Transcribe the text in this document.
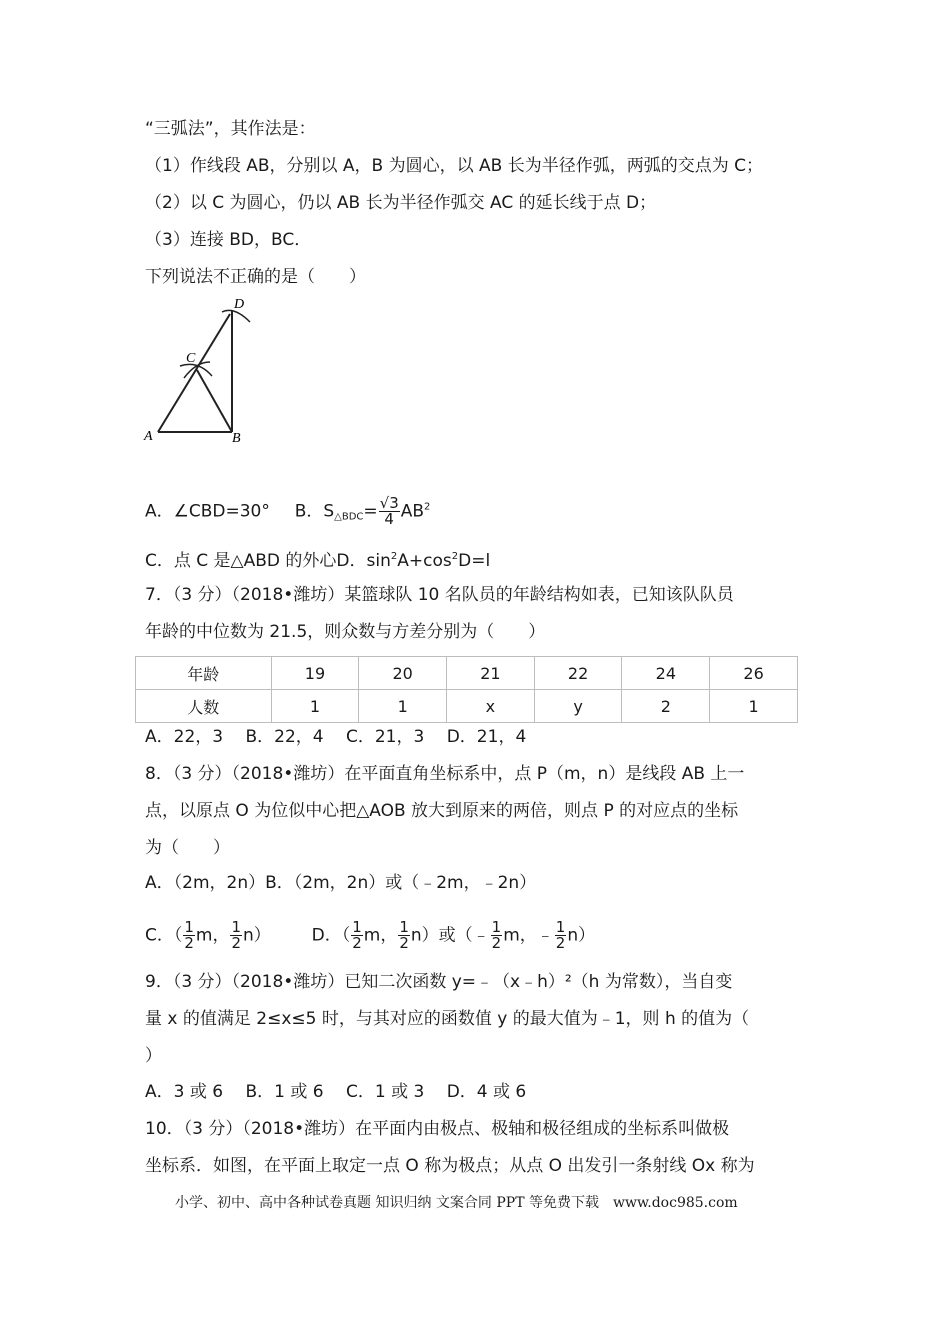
“三弧法”，其作法是：
（1）作线段 AB，分别以 A，B 为圆心，以 AB 长为半径作弧，两弧的交点为 C；
（2）以 C 为圆心，仍以 AB 长为半径作弧交 AC 的延长线于点 D；
（3）连接 BD，BC．
下列说法不正确的是（　　）
A	B
C
D
A．∠CBD=30° B．$S_{\triangle BDC}= \frac{√3}{4} AB^2$
C．点 C 是△ABD 的外心D．$\sin^2A+\cos^2D=l$
7．（3 分）（2018•潍坊）某篮球队 10 名队员的年龄结构如表，已知该队队员
年龄的中位数为 21.5，则众数与方差分别为（　　）
年龄	19	20	21	22	24	26
人数	1	1	x	y	2	1
A．22，3　 B．22，4　 C．21，3　 D．21，4
8．（3 分）（2018•潍坊）在平面直角坐标系中，点 P（m，n）是线段 AB 上一
点，以原点 O 为位似中心把△AOB 放大到原来的两倍，则点 P 的对应点的坐标
为（　　）
A．（2m，2n）B．（2m，2n）或（﹣2m，﹣2n）
C．（ $\frac{1}{2}$ m， $\frac{1}{2} n$） D．（ $\frac{1}{2}$ m， $\frac{1}{2} n$）或（﹣ $\frac{1}{2}$ m，﹣ $\frac{1}{2} n$）
9．（3 分）（2018•潍坊）已知二次函数 y=﹣（x﹣h）²（h 为常数），当自变
量 x 的值满足 2≤x≤5 时，与其对应的函数值 y 的最大值为﹣1，则 h 的值为（
）
A．3 或 6　 B．1 或 6　 C．1 或 3　 D．4 或 6
10．（3 分）（2018•潍坊）在平面内由极点、极轴和极径组成的坐标系叫做极
坐标系．如图，在平面上取定一点 O 称为极点；从点 O 出发引一条射线 Ox 称为
小学、初中、高中各种试卷真题 知识归纳 文案合同 PPT 等免费下载　www.doc985.com
